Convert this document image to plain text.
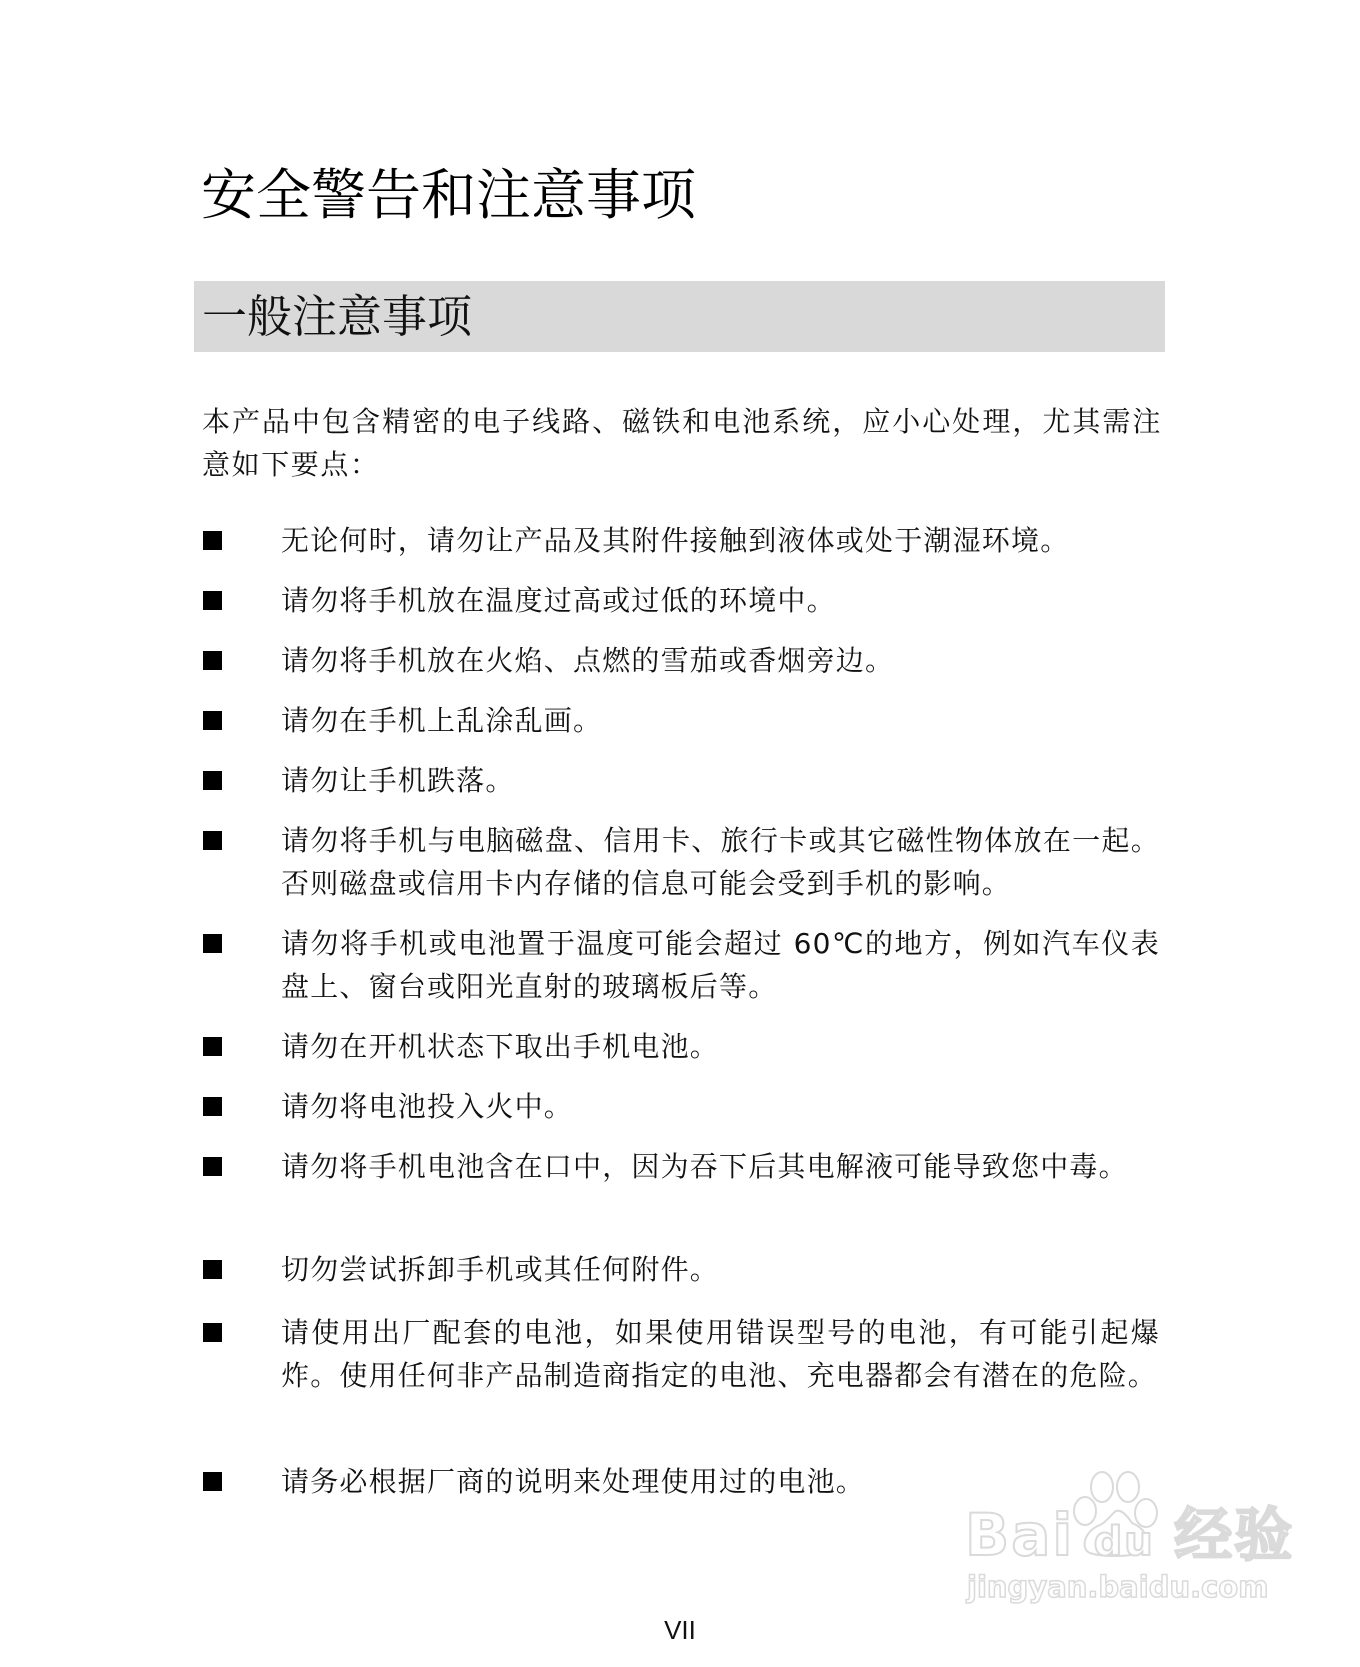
安全警告和注意事项
一般注意事项

本产品中包含精密的电子线路、磁铁和电池系统，应小心处理，尤其需注意如下要点：

无论何时，请勿让产品及其附件接触到液体或处于潮湿环境。
请勿将手机放在温度过高或过低的环境中。
请勿将手机放在火焰、点燃的雪茄或香烟旁边。
请勿在手机上乱涂乱画。
请勿让手机跌落。
请勿将手机与电脑磁盘、信用卡、旅行卡或其它磁性物体放在一起。否则磁盘或信用卡内存储的信息可能会受到手机的影响。
请勿将手机或电池置于温度可能会超过 60℃的地方，例如汽车仪表盘上、窗台或阳光直射的玻璃板后等。
请勿在开机状态下取出手机电池。
请勿将电池投入火中。
请勿将手机电池含在口中，因为吞下后其电解液可能导致您中毒。
切勿尝试拆卸手机或其任何附件。
请使用出厂配套的电池，如果使用错误型号的电池，有可能引起爆炸。使用任何非产品制造商指定的电池、充电器都会有潜在的危险。
请务必根据厂商的说明来处理使用过的电池。
Bai du 经验
jingyan.baidu.com
VII
